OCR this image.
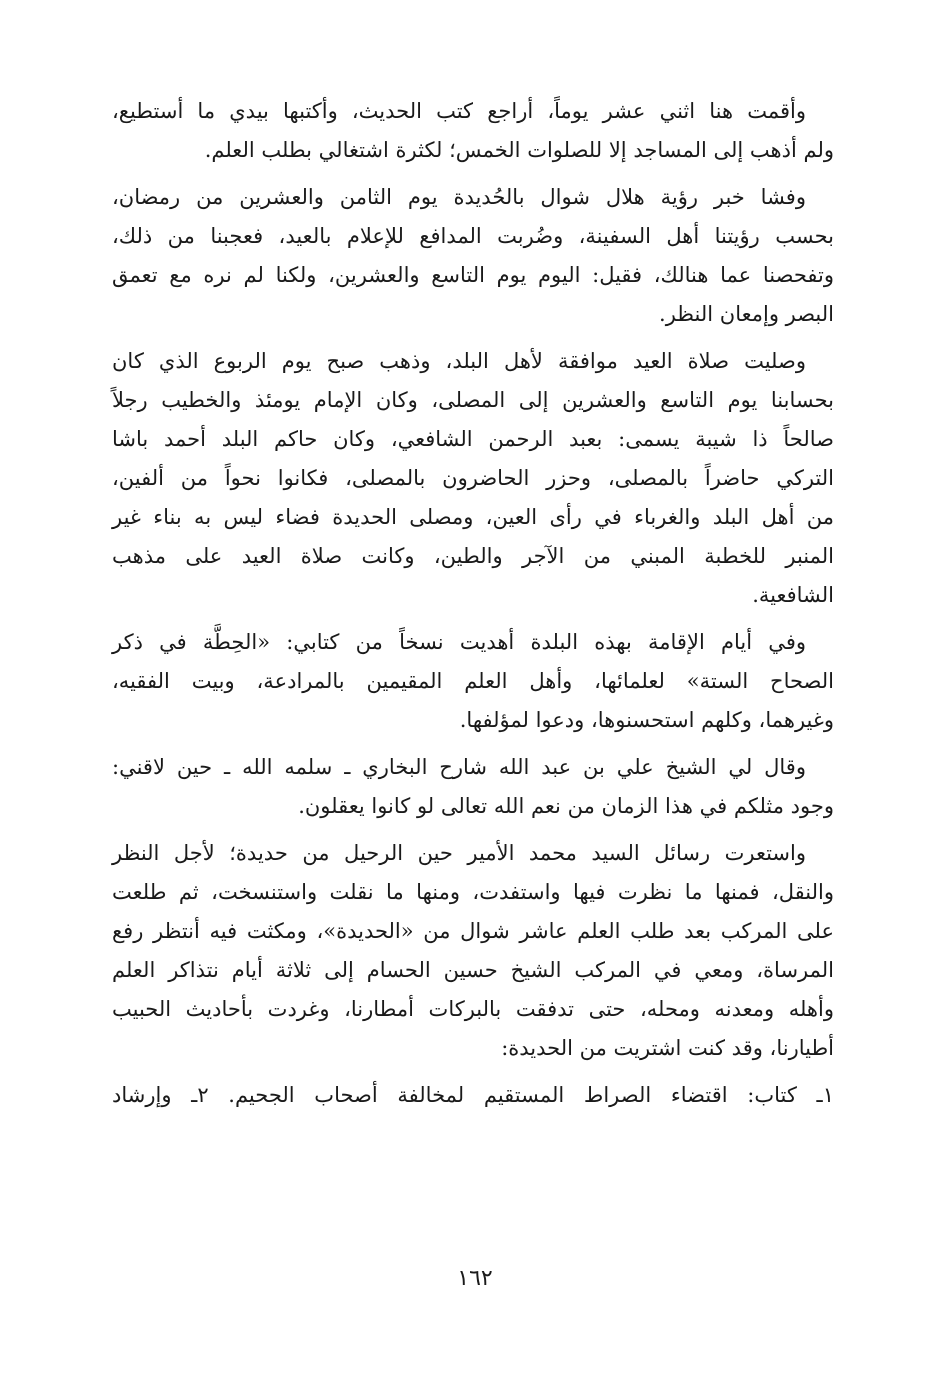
وأقمت هنا اثني عشر يوماً، أراجع كتب الحديث، وأكتبها بيدي ما أستطيع،
ولم أذهب إلى المساجد إلا للصلوات الخمس؛ لكثرة اشتغالي بطلب العلم.

وفشا خبر رؤية هلال شوال بالحُديدة يوم الثامن والعشرين من رمضان،
بحسب رؤيتنا أهل السفينة، وضُربت المدافع للإعلام بالعيد، فعجبنا من ذلك،
وتفحصنا عما هنالك، فقيل: اليوم يوم التاسع والعشرين، ولكنا لم نره مع تعمق
البصر وإمعان النظر.

وصليت صلاة العيد موافقة لأهل البلد، وذهب صبح يوم الربوع الذي كان
بحسابنا يوم التاسع والعشرين إلى المصلى، وكان الإمام يومئذ والخطيب رجلاً
صالحاً ذا شيبة يسمى: بعبد الرحمن الشافعي، وكان حاكم البلد أحمد باشا
التركي حاضراً بالمصلى، وحزر الحاضرون بالمصلى، فكانوا نحواً من ألفين،
من أهل البلد والغرباء في رأى العين، ومصلى الحديدة فضاء ليس به بناء غير
المنبر للخطبة المبني من الآجر والطين، وكانت صلاة العيد على مذهب
الشافعية.

وفي أيام الإقامة بهذه البلدة أهديت نسخاً من كتابي: «الحِطَّة في ذكر
الصحاح الستة» لعلمائها، وأهل العلم المقيمين بالمرادعة، وبيت الفقيه،
وغيرهما، وكلهم استحسنوها، ودعوا لمؤلفها.

وقال لي الشيخ علي بن عبد الله شارح البخاري ـ سلمه الله ـ حين لاقني:
وجود مثلكم في هذا الزمان من نعم الله تعالى لو كانوا يعقلون.

واستعرت رسائل السيد محمد الأمير حين الرحيل من حديدة؛ لأجل النظر
والنقل، فمنها ما نظرت فيها واستفدت، ومنها ما نقلت واستنسخت، ثم طلعت
على المركب بعد طلب العلم عاشر شوال من «الحديدة»، ومكثت فيه أنتظر رفع
المرساة، ومعي في المركب الشيخ حسين الحسام إلى ثلاثة أيام نتذاكر العلم
وأهله ومعدنه ومحله، حتى تدفقت بالبركات أمطارنا، وغردت بأحاديث الحبيب
أطيارنا، وقد كنت اشتريت من الحديدة:

١ـ كتاب: اقتضاء الصراط المستقيم لمخالفة أصحاب الجحيم. ٢ـ وإرشاد

١٦٢
